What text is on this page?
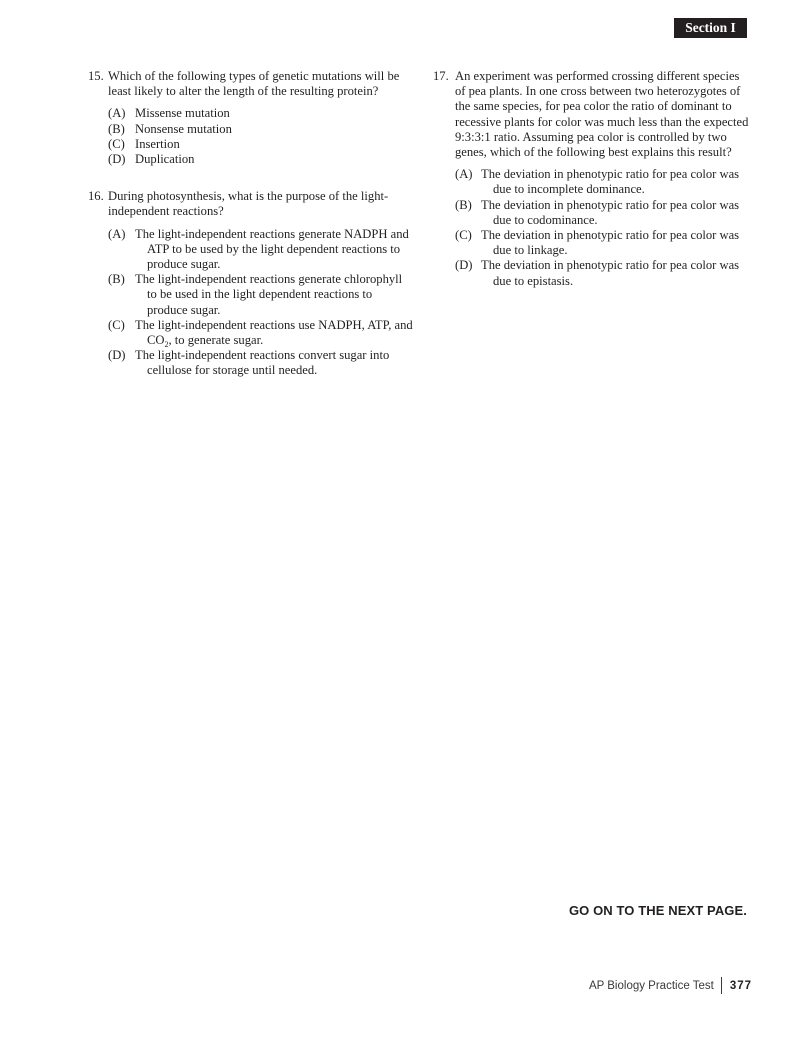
Section I
15. Which of the following types of genetic mutations will be least likely to alter the length of the resulting protein?
(A) Missense mutation
(B) Nonsense mutation
(C) Insertion
(D) Duplication
16. During photosynthesis, what is the purpose of the light-independent reactions?
(A) The light-independent reactions generate NADPH and ATP to be used by the light dependent reactions to produce sugar.
(B) The light-independent reactions generate chlorophyll to be used in the light dependent reactions to produce sugar.
(C) The light-independent reactions use NADPH, ATP, and $CO_2$, to generate sugar.
(D) The light-independent reactions convert sugar into cellulose for storage until needed.
17. An experiment was performed crossing different species of pea plants. In one cross between two heterozygotes of the same species, for pea color the ratio of dominant to recessive plants for color was much less than the expected 9:3:3:1 ratio. Assuming pea color is controlled by two genes, which of the following best explains this result?
(A) The deviation in phenotypic ratio for pea color was due to incomplete dominance.
(B) The deviation in phenotypic ratio for pea color was due to codominance.
(C) The deviation in phenotypic ratio for pea color was due to linkage.
(D) The deviation in phenotypic ratio for pea color was due to epistasis.
GO ON TO THE NEXT PAGE.
AP Biology Practice Test 377
